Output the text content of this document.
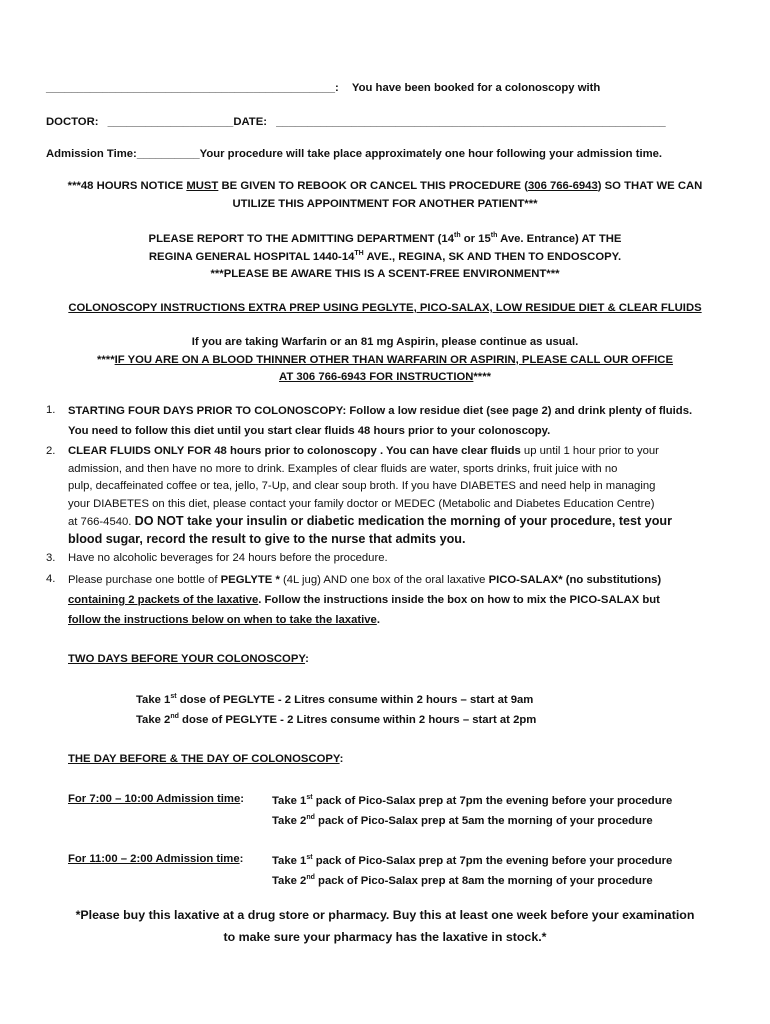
______________________________________________: You have been booked for a colonoscopy with
DOCTOR: ____________________DATE: ______________________________________________________________
Admission Time:__________Your procedure will take place approximately one hour following your admission time.
***48 HOURS NOTICE MUST BE GIVEN TO REBOOK OR CANCEL THIS PROCEDURE (306 766-6943) SO THAT WE CAN
UTILIZE THIS APPOINTMENT FOR ANOTHER PATIENT***
PLEASE REPORT TO THE ADMITTING DEPARTMENT (14th or 15th Ave. Entrance) AT THE
REGINA GENERAL HOSPITAL 1440-14TH AVE., REGINA, SK AND THEN TO ENDOSCOPY.
***PLEASE BE AWARE THIS IS A SCENT-FREE ENVIRONMENT***
COLONOSCOPY INSTRUCTIONS EXTRA PREP USING PEGLYTE, PICO-SALAX, LOW RESIDUE DIET & CLEAR FLUIDS
If you are taking Warfarin or an 81 mg Aspirin, please continue as usual.
****IF YOU ARE ON A BLOOD THINNER OTHER THAN WARFARIN OR ASPIRIN, PLEASE CALL OUR OFFICE
AT 306 766-6943 FOR INSTRUCTION****
1. STARTING FOUR DAYS PRIOR TO COLONOSCOPY: Follow a low residue diet (see page 2) and drink plenty of fluids.
You need to follow this diet until you start clear fluids 48 hours prior to your colonoscopy.
2. CLEAR FLUIDS ONLY FOR 48 hours prior to colonoscopy . You can have clear fluids up until 1 hour prior to your
admission, and then have no more to drink. Examples of clear fluids are water, sports drinks, fruit juice with no
pulp, decaffeinated coffee or tea, jello, 7-Up, and clear soup broth. If you have DIABETES and need help in managing
your DIABETES on this diet, please contact your family doctor or MEDEC (Metabolic and Diabetes Education Centre)
at 766-4540. DO NOT take your insulin or diabetic medication the morning of your procedure, test your
blood sugar, record the result to give to the nurse that admits you.
3. Have no alcoholic beverages for 24 hours before the procedure.
4. Please purchase one bottle of PEGLYTE * (4L jug) AND one box of the oral laxative PICO-SALAX* (no substitutions)
containing 2 packets of the laxative. Follow the instructions inside the box on how to mix the PICO-SALAX but
follow the instructions below on when to take the laxative.
TWO DAYS BEFORE YOUR COLONOSCOPY:
Take 1st dose of PEGLYTE - 2 Litres consume within 2 hours – start at 9am
Take 2nd dose of PEGLYTE - 2 Litres consume within 2 hours – start at 2pm
THE DAY BEFORE & THE DAY OF COLONOSCOPY:
For 7:00 – 10:00 Admission time: Take 1st pack of Pico-Salax prep at 7pm the evening before your procedure
Take 2nd pack of Pico-Salax prep at 5am the morning of your procedure
For 11:00 – 2:00 Admission time:	Take 1st pack of Pico-Salax prep at 7pm the evening before your procedure
Take 2nd pack of Pico-Salax prep at 8am the morning of your procedure
*Please buy this laxative at a drug store or pharmacy. Buy this at least one week before your examination
to make sure your pharmacy has the laxative in stock.*
